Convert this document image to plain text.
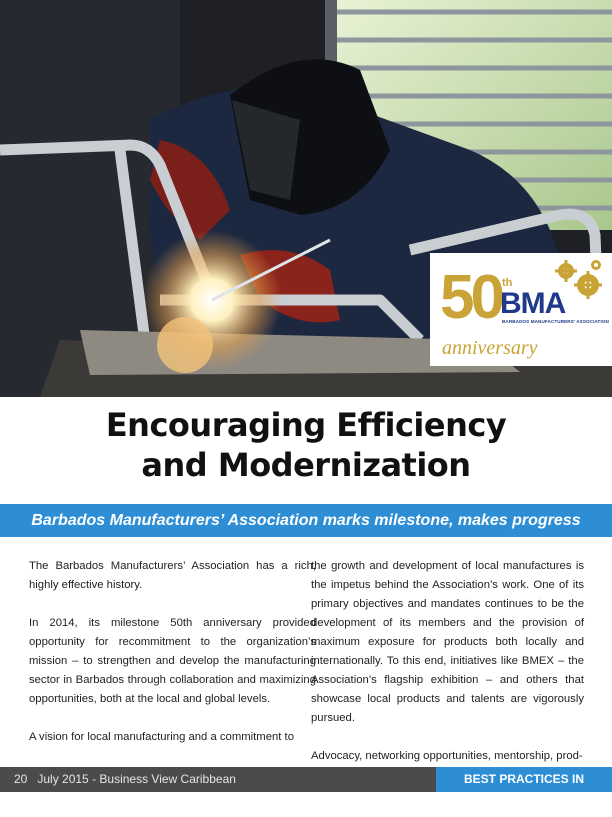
50 th
BMA
BARBADOS MANUFACTURERS' ASSOCIATION
anniversary
Encouraging Efficiency
and Modernization
Barbados Manufacturers’ Association marks milestone, makes progress

The Barbados Manufacturers’ Association has a rich, highly effective history.

In 2014, its milestone 50th anniversary provided opportunity for recommitment to the organization’s mission – to strengthen and develop the manufacturing sector in Barbados through collaboration and maximizing opportunities, both at the local and global levels.

A vision for local manufacturing and a commitment to

the growth and development of local manufactures is the impetus behind the Association’s work. One of its primary objectives and mandates continues to be the development of its members and the provision of maximum exposure for products both locally and internationally. To this end, initiatives like BMEX – the Association’s flagship exhibition – and others that showcase local products and talents are vigorously pursued.

Advocacy, networking opportunities, mentorship, prod-

20 July 2015 - Business View Caribbean	BEST PRACTICES IN BUSINESS
